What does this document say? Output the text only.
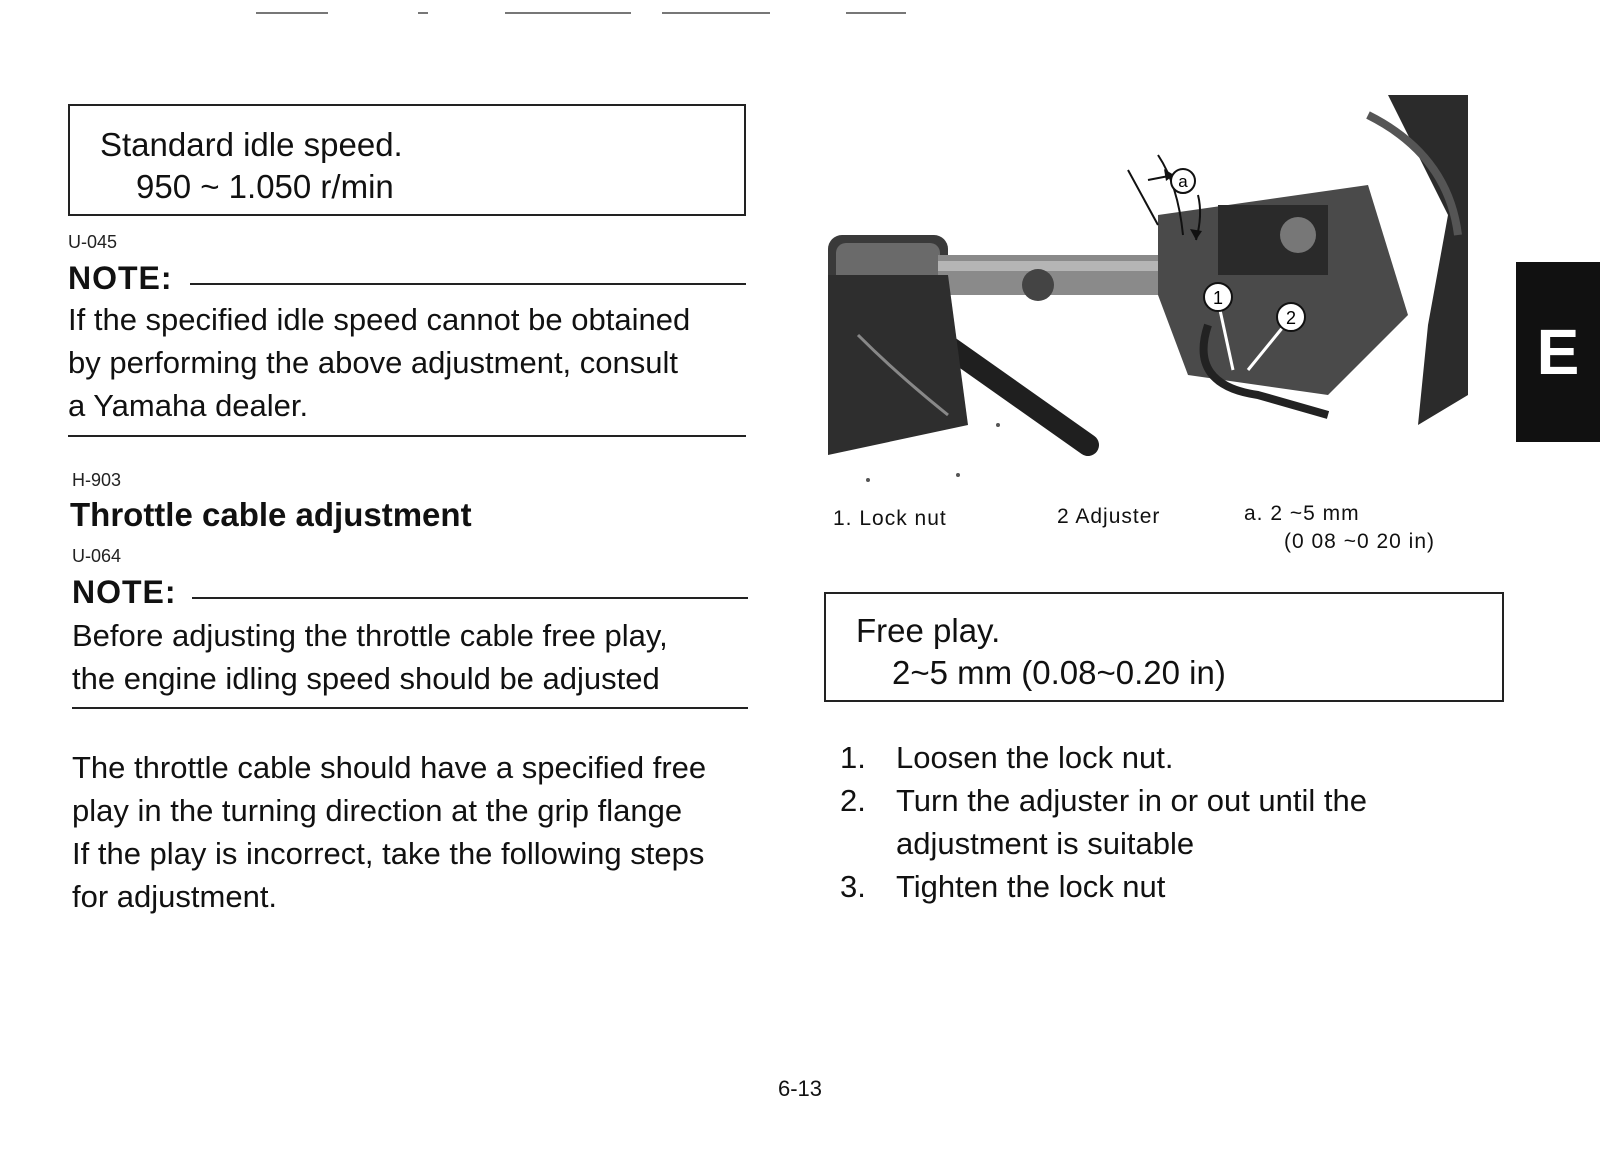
Standard idle speed.
950 ~ 1.050 r/min
U-045
NOTE:
If the specified idle speed cannot be obtained
by performing the above adjustment, consult
a Yamaha dealer.
H-903
Throttle cable adjustment
U-064
NOTE:
Before adjusting the throttle cable free play,
the engine idling speed should be adjusted
The throttle cable should have a specified free
play in the turning direction at the grip flange
If the play is incorrect, take the following steps
for adjustment.
a
1
2
1. Lock nut	2 Adjuster	a. 2 ~5 mm
(0 08 ~0 20 in)
Free play.
2~5 mm (0.08~0.20 in)
1. Loosen the lock nut.
2. Turn the adjuster in or out until the adjustment is suitable
3. Tighten the lock nut
E
6-13
